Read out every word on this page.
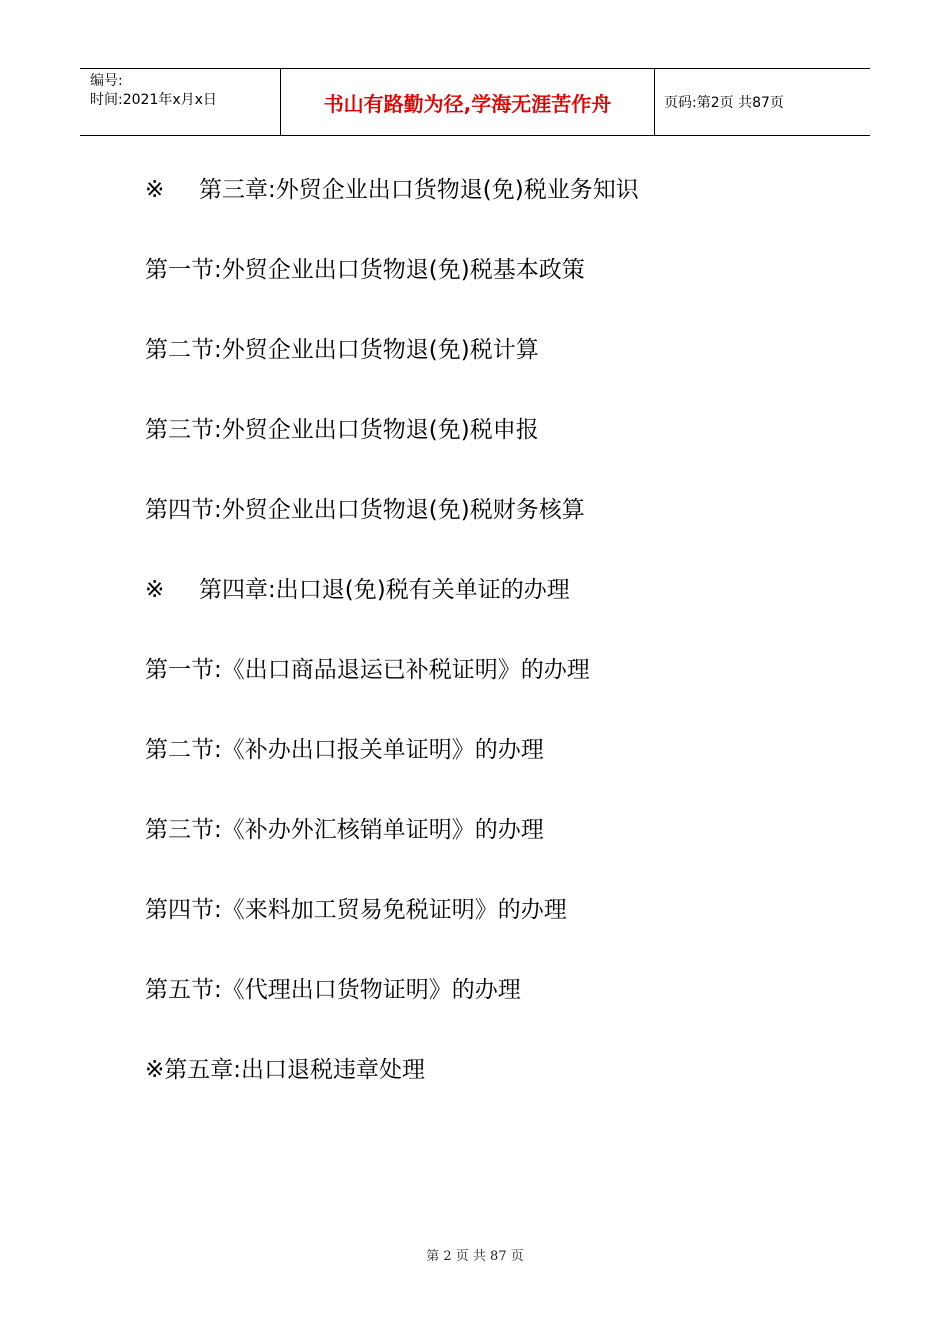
编号:
时间:2021年x月x日	书山有路勤为径,学海无涯苦作舟	页码:第2页 共87页
※ 第三章:外贸企业出口货物退(免)税业务知识
第一节:外贸企业出口货物退(免)税基本政策
第二节:外贸企业出口货物退(免)税计算
第三节:外贸企业出口货物退(免)税申报
第四节:外贸企业出口货物退(免)税财务核算
※ 第四章:出口退(免)税有关单证的办理
第一节:《出口商品退运已补税证明》的办理
第二节:《补办出口报关单证明》的办理
第三节:《补办外汇核销单证明》的办理
第四节:《来料加工贸易免税证明》的办理
第五节:《代理出口货物证明》的办理
※第五章:出口退税违章处理
第 2 页 共 87 页
